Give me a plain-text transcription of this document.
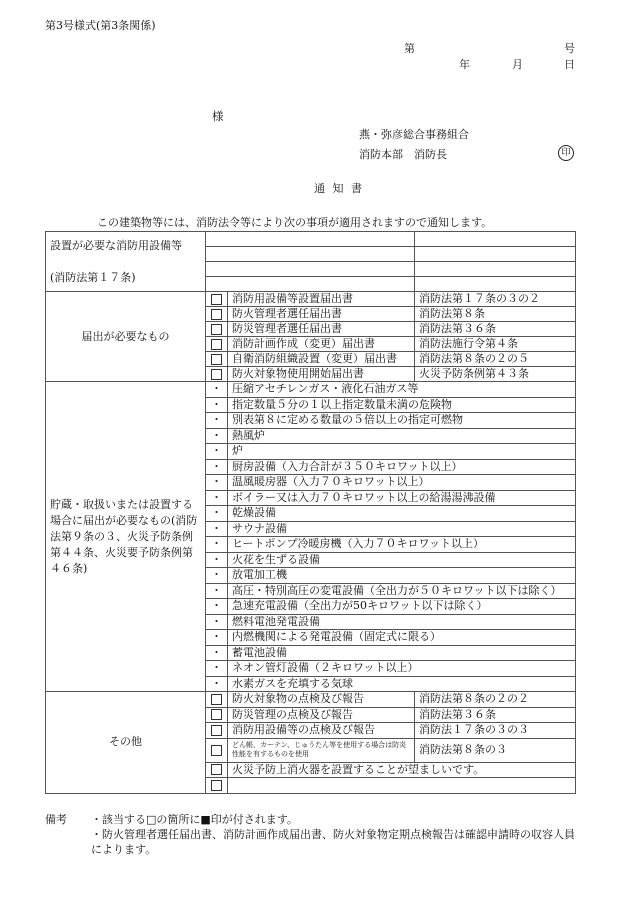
第3号様式(第3条関係)
第	号
年	月	日
様
燕・弥彦総合事務組合
消防本部　消防長	印
通 知 書
この建築物等には、消防法令等により次の事項が適用されますので通知します。
設置が必要な消防用設備等

(消防法第１７条)			

届出が必要なもの		消防用設備等設置届出書	消防法第１７条の３の２
		防火管理者選任届出書	消防法第８条
		防災管理者選任届出書	消防法第３６条
		消防計画作成（変更）届出書	消防法施行令第４条
		自衛消防組織設置（変更）届出書	消防法第８条の２の５
		防火対象物使用開始届出書	火災予防条例第４３条
貯蔵・取扱いまたは設置する場合に届出が必要なもの(消防法第９条の３、火災予防条例第４４条、火災要予防条例第４６条)	・	圧縮アセチレンガス・液化石油ガス等	
	・	指定数量５分の１以上指定数量未満の危険物	
	・	別表第８に定める数量の５倍以上の指定可燃物	
	・	熱風炉	
	・	炉	
	・	厨房設備（入力合計が３５０キロワット以上）	
	・	温風暖房器（入力７０キロワット以上）	
	・	ボイラー又は入力７０キロワット以上の給湯湯沸設備	
	・	乾燥設備	
	・	サウナ設備	
	・	ヒートポンプ冷暖房機（入力７０キロワット以上）	
	・	火花を生ずる設備	
	・	放電加工機	
	・	高圧・特別高圧の変電設備（全出力が５０キロワット以下は除く）	
	・	急速充電設備（全出力が50キロワット以下は除く）	
	・	燃料電池発電設備	
	・	内燃機関による発電設備（固定式に限る）	
	・	蓄電池設備	
	・	ネオン管灯設備（２キロワット以上）	
	・	水素ガスを充填する気球	
その他		防火対象物の点検及び報告	消防法第８条の２の２
		防災管理の点検及び報告	消防法第３６条
		消防用設備等の点検及び報告	消防法１７条の３の３

		どん帳、カーテン、じゅうたん等を使用する場合は防炎性能を有するものを使用	消防法第８条の３
		火災予防上消火器を設置することが望ましいです。	

備考	・該当する□の箇所に■印が付されます。
・防火管理者選任届出書、消防計画作成届出書、防火対象物定期点検報告は確認申請時の収容人員によります。
